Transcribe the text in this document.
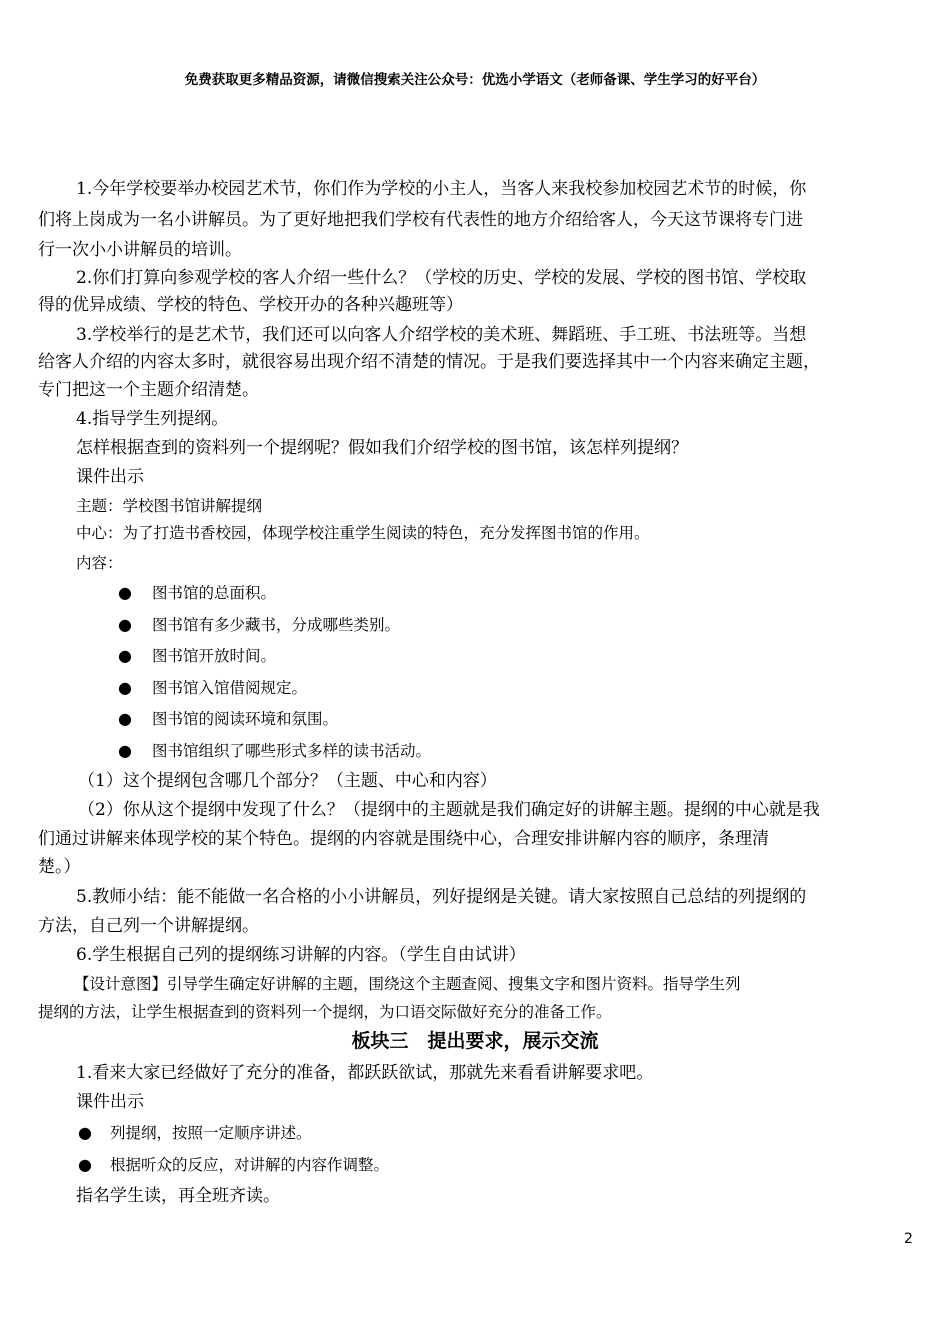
免费获取更多精品资源，请微信搜索关注公众号：优选小学语文（老师备课、学生学习的好平台）
1.今年学校要举办校园艺术节，你们作为学校的小主人，当客人来我校参加校园艺术节的时候，你
们将上岗成为一名小讲解员。为了更好地把我们学校有代表性的地方介绍给客人，今天这节课将专门进
行一次小小讲解员的培训。
2.你们打算向参观学校的客人介绍一些什么？（学校的历史、学校的发展、学校的图书馆、学校取
得的优异成绩、学校的特色、学校开办的各种兴趣班等）
3.学校举行的是艺术节，我们还可以向客人介绍学校的美术班、舞蹈班、手工班、书法班等。当想
给客人介绍的内容太多时，就很容易出现介绍不清楚的情况。于是我们要选择其中一个内容来确定主题，
专门把这一个主题介绍清楚。
4.指导学生列提纲。
怎样根据查到的资料列一个提纲呢？假如我们介绍学校的图书馆，该怎样列提纲？
课件出示
主题：学校图书馆讲解提纲
中心：为了打造书香校园，体现学校注重学生阅读的特色，充分发挥图书馆的作用。
内容：
● 图书馆的总面积。
● 图书馆有多少藏书，分成哪些类别。
● 图书馆开放时间。
● 图书馆入馆借阅规定。
● 图书馆的阅读环境和氛围。
● 图书馆组织了哪些形式多样的读书活动。
（1）这个提纲包含哪几个部分？（主题、中心和内容）
（2）你从这个提纲中发现了什么？（提纲中的主题就是我们确定好的讲解主题。提纲的中心就是我
们通过讲解来体现学校的某个特色。提纲的内容就是围绕中心，合理安排讲解内容的顺序，条理清
楚。）
5.教师小结：能不能做一名合格的小小讲解员，列好提纲是关键。请大家按照自己总结的列提纲的
方法，自己列一个讲解提纲。
6.学生根据自己列的提纲练习讲解的内容。（学生自由试讲）
【设计意图】引导学生确定好讲解的主题，围绕这个主题查阅、搜集文字和图片资料。指导学生列
提纲的方法，让学生根据查到的资料列一个提纲，为口语交际做好充分的准备工作。
板块三　提出要求，展示交流
1.看来大家已经做好了充分的准备，都跃跃欲试，那就先来看看讲解要求吧。
课件出示
● 列提纲，按照一定顺序讲述。
● 根据听众的反应，对讲解的内容作调整。
指名学生读，再全班齐读。
2
